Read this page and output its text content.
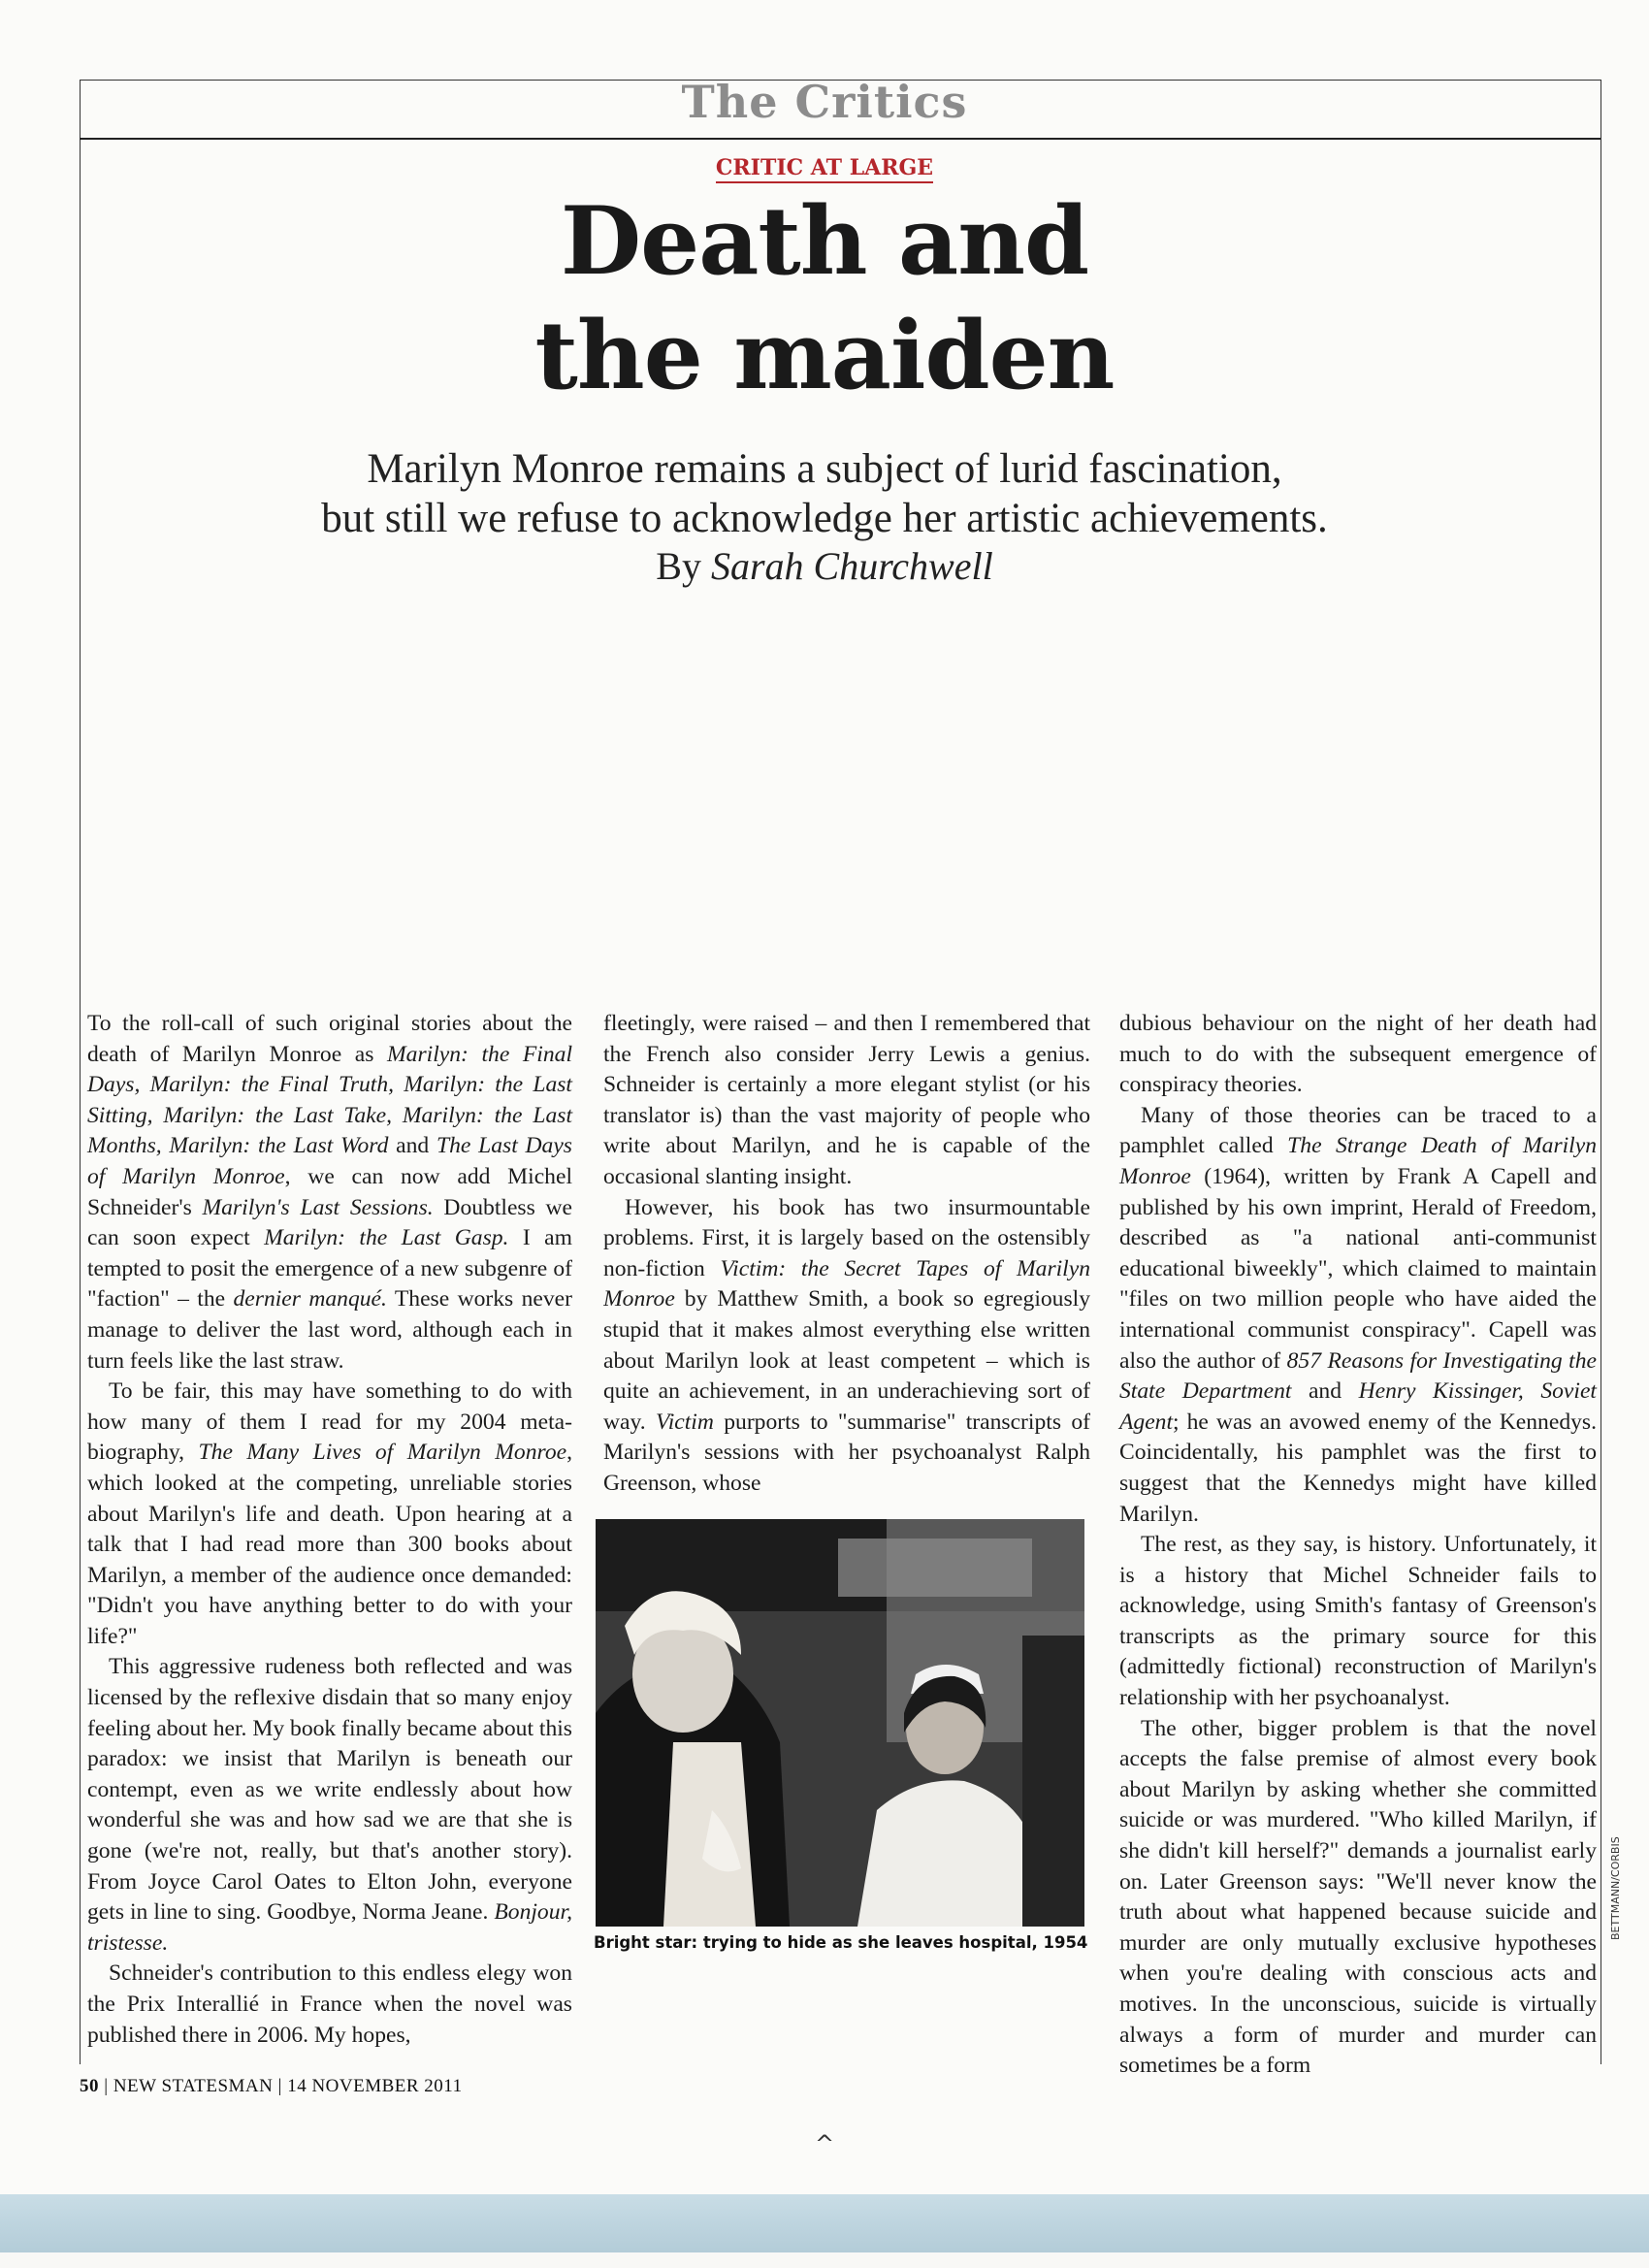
The Critics
CRITIC AT LARGE
Death and
the maiden
Marilyn Monroe remains a subject of lurid fascination,
but still we refuse to acknowledge her artistic achievements.
By Sarah Churchwell

To the roll-call of such original stories about the death of Marilyn Monroe as Marilyn: the Final Days, Marilyn: the Final Truth, Marilyn: the Last Sitting, Marilyn: the Last Take, Marilyn: the Last Months, Marilyn: the Last Word and The Last Days of Marilyn Monroe, we can now add Michel Schneider's Marilyn's Last Sessions. Doubtless we can soon expect Marilyn: the Last Gasp. I am tempted to posit the emergence of a new subgenre of "faction" – the dernier manqué. These works never manage to deliver the last word, although each in turn feels like the last straw.

To be fair, this may have something to do with how many of them I read for my 2004 meta-biography, The Many Lives of Marilyn Monroe, which looked at the competing, unreliable stories about Marilyn's life and death. Upon hearing at a talk that I had read more than 300 books about Marilyn, a member of the audience once demanded: "Didn't you have anything better to do with your life?"

This aggressive rudeness both reflected and was licensed by the reflexive disdain that so many enjoy feeling about her. My book finally became about this paradox: we insist that Marilyn is beneath our contempt, even as we write endlessly about how wonderful she was and how sad we are that she is gone (we're not, really, but that's another story). From Joyce Carol Oates to Elton John, everyone gets in line to sing. Goodbye, Norma Jeane. Bonjour, tristesse.

Schneider's contribution to this endless elegy won the Prix Interallié in France when the novel was published there in 2006. My hopes,

fleetingly, were raised – and then I remembered that the French also consider Jerry Lewis a genius. Schneider is certainly a more elegant stylist (or his translator is) than the vast majority of people who write about Marilyn, and he is capable of the occasional slanting insight.

However, his book has two insurmountable problems. First, it is largely based on the ostensibly non-fiction Victim: the Secret Tapes of Marilyn Monroe by Matthew Smith, a book so egregiously stupid that it makes almost everything else written about Marilyn look at least competent – which is quite an achievement, in an underachieving sort of way. Victim purports to "summarise" transcripts of Marilyn's sessions with her psychoanalyst Ralph Greenson, whose

dubious behaviour on the night of her death had much to do with the subsequent emergence of conspiracy theories.

Many of those theories can be traced to a pamphlet called The Strange Death of Marilyn Monroe (1964), written by Frank A Capell and published by his own imprint, Herald of Freedom, described as "a national anti-communist educational biweekly", which claimed to maintain "files on two million people who have aided the international communist conspiracy". Capell was also the author of 857 Reasons for Investigating the State Department and Henry Kissinger, Soviet Agent; he was an avowed enemy of the Kennedys. Coincidentally, his pamphlet was the first to suggest that the Kennedys might have killed Marilyn.

The rest, as they say, is history. Unfortunately, it is a history that Michel Schneider fails to acknowledge, using Smith's fantasy of Greenson's transcripts as the primary source for this (admittedly fictional) reconstruction of Marilyn's relationship with her psychoanalyst.

The other, bigger problem is that the novel accepts the false premise of almost every book about Marilyn by asking whether she committed suicide or was murdered. "Who killed Marilyn, if she didn't kill herself?" demands a journalist early on. Later Greenson says: "We'll never know the truth about what happened because suicide and murder are only mutually exclusive hypotheses when you're dealing with conscious acts and motives. In the unconscious, suicide is virtually always a form of murder and murder can sometimes be a form

Bright star: trying to hide as she leaves hospital, 1954
BETTMANN/CORBIS
50 | NEW STATESMAN | 14 NOVEMBER 2011
^
